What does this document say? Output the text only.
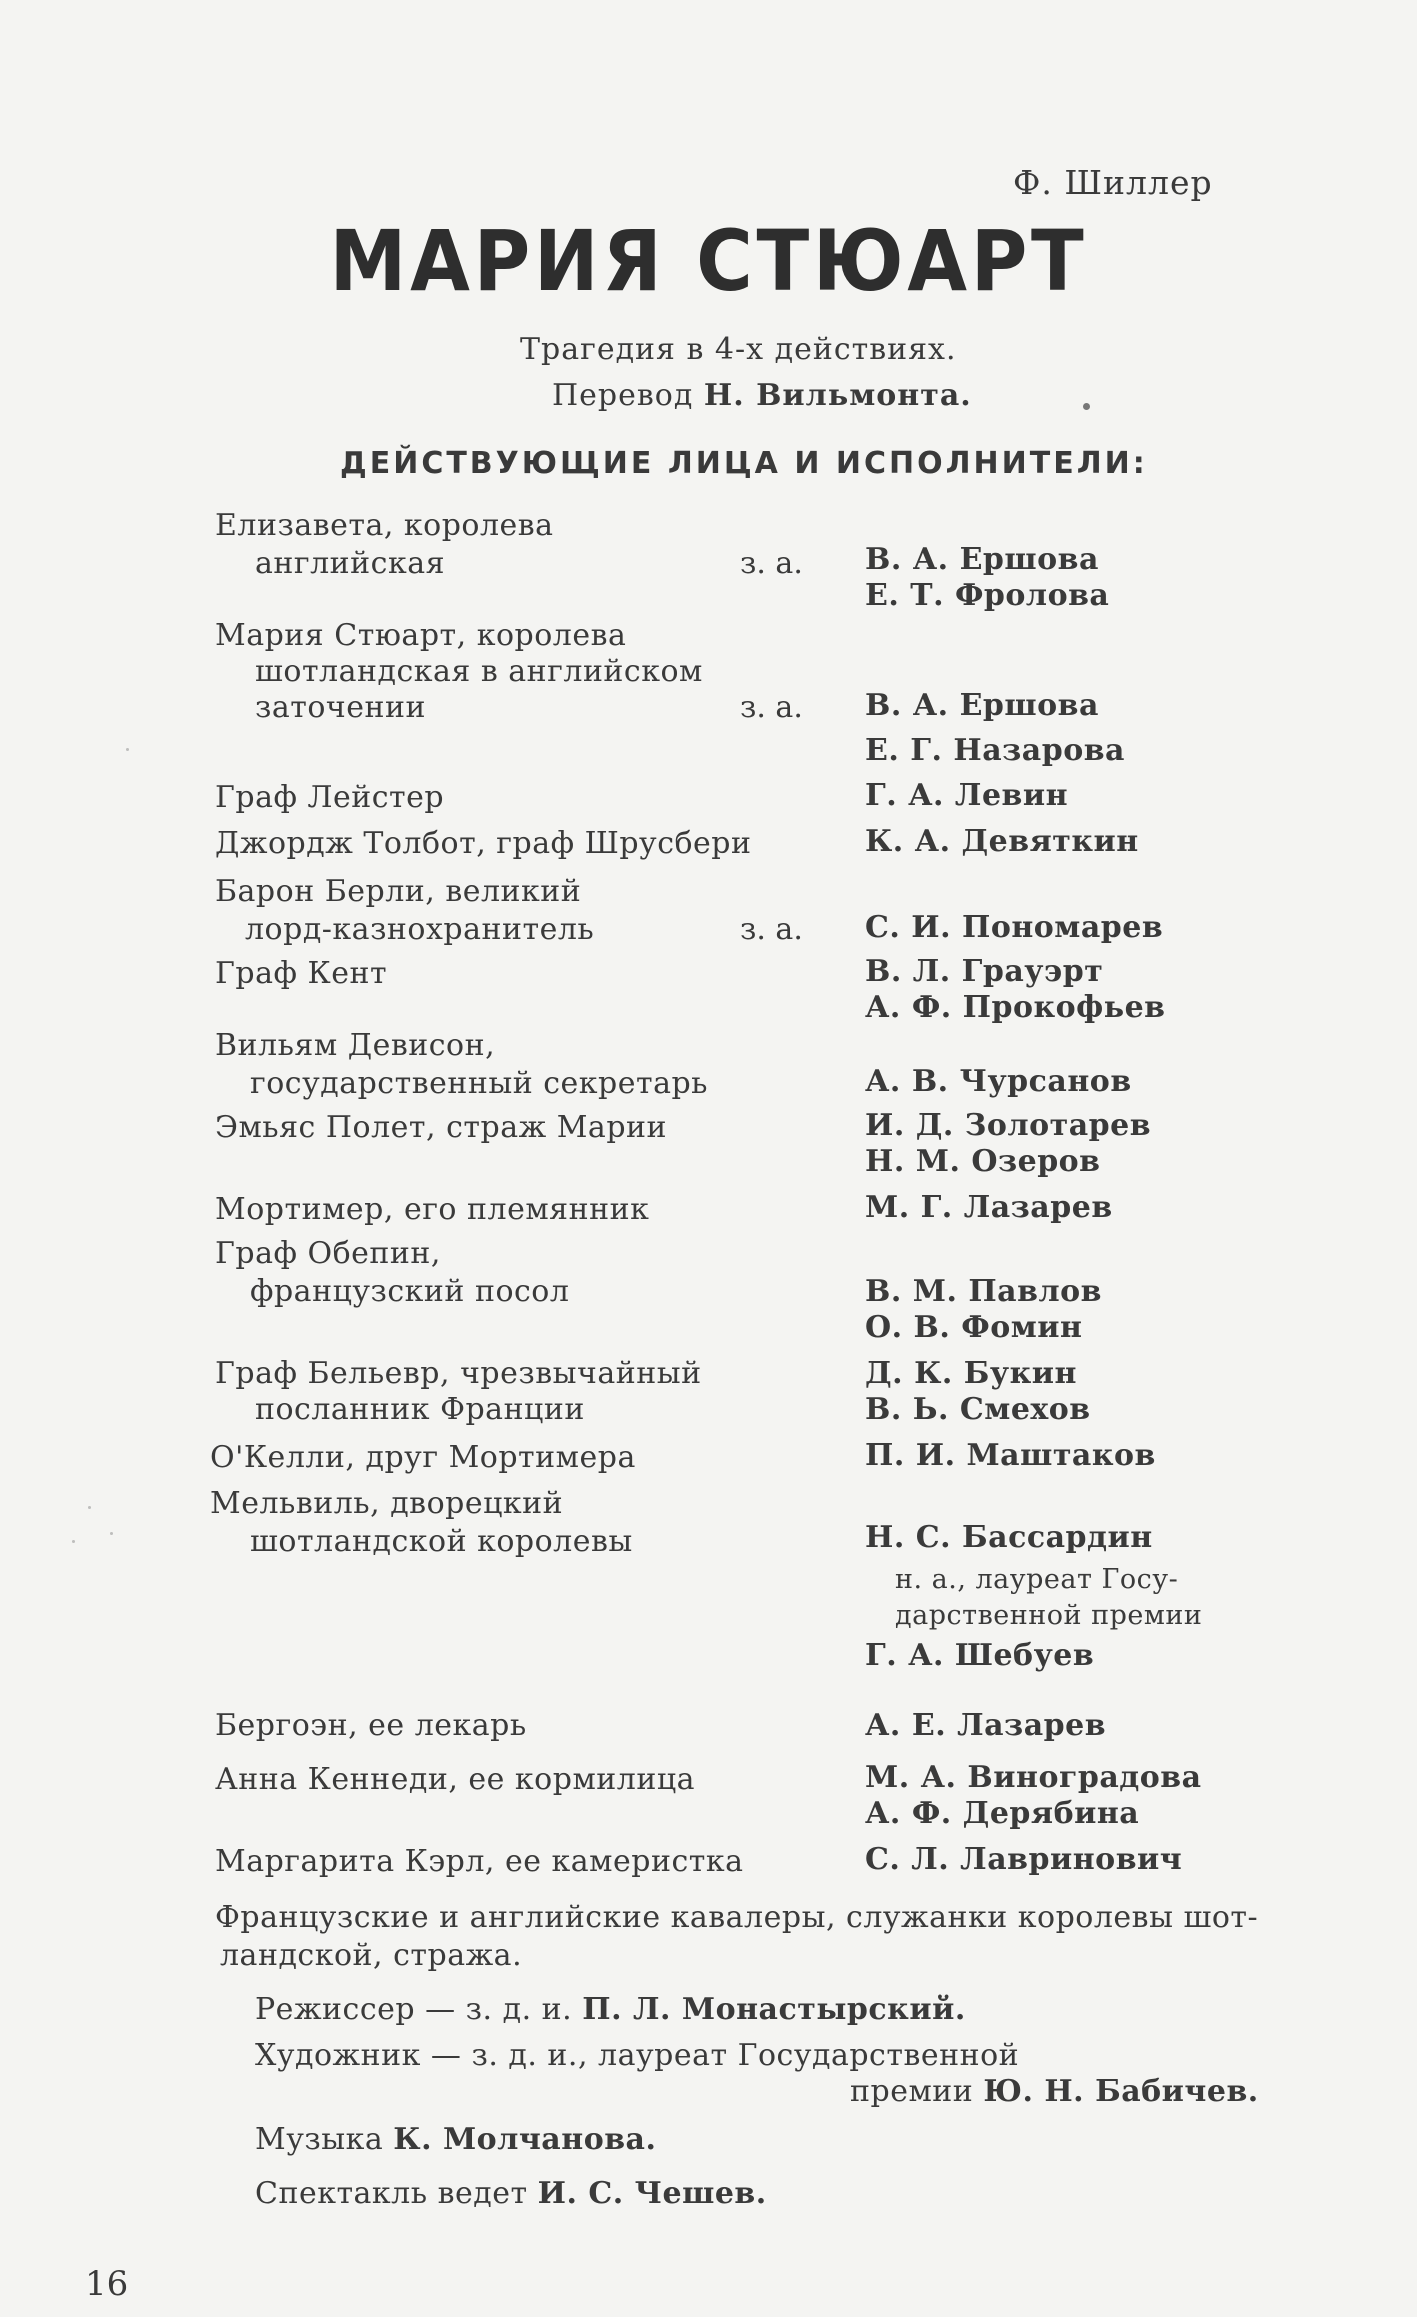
Ф. Шиллер
МАРИЯ СТЮАРТ
Трагедия в 4-х действиях.
Перевод Н. Вильмонта.
ДЕЙСТВУЮЩИЕ ЛИЦА И ИСПОЛНИТЕЛИ:
Елизавета, королева
английская	з. а. В. А. Ершова
Е. Т. Фролова
Мария Стюарт, королева
шотландская в английском
заточении	з. а. В. А. Ершова
Е. Г. Назарова
Граф Лейстер	Г. А. Левин
Джордж Толбот, граф Шрусбери	К. А. Девяткин
Барон Берли, великий
лорд-казнохранитель	з. а. С. И. Пономарев
Граф Кент	В. Л. Грауэрт
А. Ф. Прокофьев
Вильям Девисон,
государственный секретарь	А. В. Чурсанов
Эмьяс Полет, страж Марии	И. Д. Золотарев
Н. М. Озеров
Мортимер, его племянник	М. Г. Лазарев
Граф Обепин,
французский посол	В. М. Павлов
О. В. Фомин
Граф Бельевр, чрезвычайный
посланник Франции
Д. К. Букин
В. Ь. Смехов
О'Келли, друг Мортимера	П. И. Маштаков
Мельвиль, дворецкий
шотландской королевы	Н. С. Бассардин
н. а., лауреат Госу-
дарственной премии
Г. А. Шебуев
Бергоэн, ее лекарь	А. Е. Лазарев
Анна Кеннеди, ее кормилица	М. А. Виноградова
А. Ф. Дерябина
Маргарита Кэрл, ее камеристка	С. Л. Лавринович
Французские и английские кавалеры, служанки королевы шот-
ландской, стража.
Режиссер — з. д. и. П. Л. Монастырский.
Художник — з. д. и., лауреат Государственной
премии Ю. Н. Бабичев.
Музыка К. Молчанова.
Спектакль ведет И. С. Чешев.
16
